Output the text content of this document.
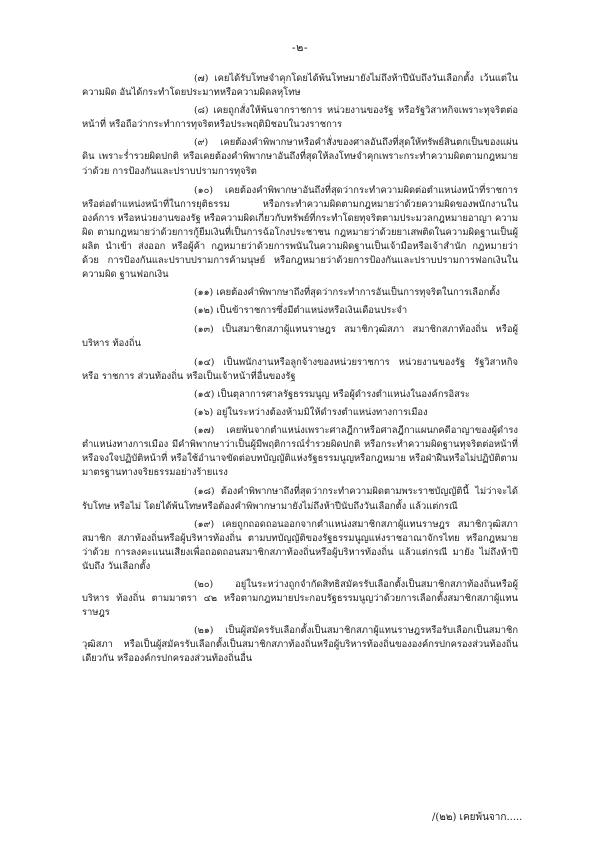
-๒-

(๗) เคยได้รับโทษจำคุกโดยได้พ้นโทษมายังไม่ถึงห้าปีนับถึงวันเลือกตั้ง เว้นแต่ในความผิด อันได้กระทำโดยประมาทหรือความผิดลหุโทษ

(๘) เคยถูกสั่งให้พ้นจากราชการ หน่วยงานของรัฐ หรือรัฐวิสาหกิจเพราะทุจริตต่อหน้าที่ หรือถือว่ากระทำการทุจริตหรือประพฤติมิชอบในวงราชการ

(๙) เคยต้องคำพิพากษาหรือคำสั่งของศาลอันถึงที่สุดให้ทรัพย์สินตกเป็นของแผ่นดิน เพราะร่ำรวยผิดปกติ หรือเคยต้องคำพิพากษาอันถึงที่สุดให้ลงโทษจำคุกเพราะกระทำความผิดตามกฎหมายว่าด้วย การป้องกันและปราบปรามการทุจริต

(๑๐) เคยต้องคำพิพากษาอันถึงที่สุดว่ากระทำความผิดต่อตำแหน่งหน้าที่ราชการ หรือต่อตำแหน่งหน้าที่ในการยุติธรรม หรือกระทำความผิดตามกฎหมายว่าด้วยความผิดของพนักงานในองค์การ หรือหน่วยงานของรัฐ หรือความผิดเกี่ยวกับทรัพย์ที่กระทำโดยทุจริตตามประมวลกฎหมายอาญา ความผิด ตามกฎหมายว่าด้วยการกู้ยืมเงินที่เป็นการฉ้อโกงประชาชน กฎหมายว่าด้วยยาเสพติดในความผิดฐานเป็นผู้ผลิต นำเข้า ส่งออก หรือผู้ค้า กฎหมายว่าด้วยการพนันในความผิดฐานเป็นเจ้ามือหรือเจ้าสำนัก กฎหมายว่าด้วย การป้องกันและปราบปรามการค้ามนุษย์ หรือกฎหมายว่าด้วยการป้องกันและปราบปรามการฟอกเงินในความผิด ฐานฟอกเงิน

(๑๑) เคยต้องคำพิพากษาถึงที่สุดว่ากระทำการอันเป็นการทุจริตในการเลือกตั้ง

(๑๒) เป็นข้าราชการซึ่งมีตำแหน่งหรือเงินเดือนประจำ

(๑๓) เป็นสมาชิกสภาผู้แทนราษฎร สมาชิกวุฒิสภา สมาชิกสภาท้องถิ่น หรือผู้บริหาร ท้องถิ่น

(๑๔) เป็นพนักงานหรือลูกจ้างของหน่วยราชการ หน่วยงานของรัฐ รัฐวิสาหกิจ หรือ ราชการ ส่วนท้องถิ่น หรือเป็นเจ้าหน้าที่อื่นของรัฐ

(๑๕) เป็นตุลาการศาลรัฐธรรมนูญ หรือผู้ดำรงตำแหน่งในองค์กรอิสระ

(๑๖) อยู่ในระหว่างต้องห้ามมิให้ดำรงตำแหน่งทางการเมือง

(๑๗) เคยพ้นจากตำแหน่งเพราะศาลฎีกาหรือศาลฎีกาแผนกคดีอาญาของผู้ดำรง ตำแหน่งทางการเมือง มีคำพิพากษาว่าเป็นผู้มีพฤติการณ์ร่ำรวยผิดปกติ หรือกระทำความผิดฐานทุจริตต่อหน้าที่ หรือจงใจปฏิบัติหน้าที่ หรือใช้อำนาจขัดต่อบทบัญญัติแห่งรัฐธรรมนูญหรือกฎหมาย หรือฝ่าฝืนหรือไม่ปฏิบัติตาม มาตรฐานทางจริยธรรมอย่างร้ายแรง

(๑๘) ต้องคำพิพากษาถึงที่สุดว่ากระทำความผิดตามพระราชบัญญัตินี้ ไม่ว่าจะได้รับโทษ หรือไม่ โดยได้พ้นโทษหรือต้องคำพิพากษามายังไม่ถึงห้าปีนับถึงวันเลือกตั้ง แล้วแต่กรณี

(๑๙) เคยถูกถอดถอนออกจากตำแหน่งสมาชิกสภาผู้แทนราษฎร สมาชิกวุฒิสภา สมาชิก สภาท้องถิ่นหรือผู้บริหารท้องถิ่น ตามบทบัญญัติของรัฐธรรมนูญแห่งราชอาณาจักรไทย หรือกฎหมายว่าด้วย การลงคะแนนเสียงเพื่อถอดถอนสมาชิกสภาท้องถิ่นหรือผู้บริหารท้องถิ่น แล้วแต่กรณี มายัง ไม่ถึงห้าปีนับถึง วันเลือกตั้ง

(๒๐) อยู่ในระหว่างถูกจำกัดสิทธิสมัครรับเลือกตั้งเป็นสมาชิกสภาท้องถิ่นหรือผู้บริหาร ท้องถิ่น ตามมาตรา ๔๒ หรือตามกฎหมายประกอบรัฐธรรมนูญว่าด้วยการเลือกตั้งสมาชิกสภาผู้แทนราษฎร

(๒๑) เป็นผู้สมัครรับเลือกตั้งเป็นสมาชิกสภาผู้แทนราษฎรหรือรับเลือกเป็นสมาชิก วุฒิสภา หรือเป็นผู้สมัครรับเลือกตั้งเป็นสมาชิกสภาท้องถิ่นหรือผู้บริหารท้องถิ่นขององค์กรปกครองส่วนท้องถิ่น เดียวกัน หรือองค์กรปกครองส่วนท้องถิ่นอื่น

/(๒๒) เคยพ้นจาก.....
